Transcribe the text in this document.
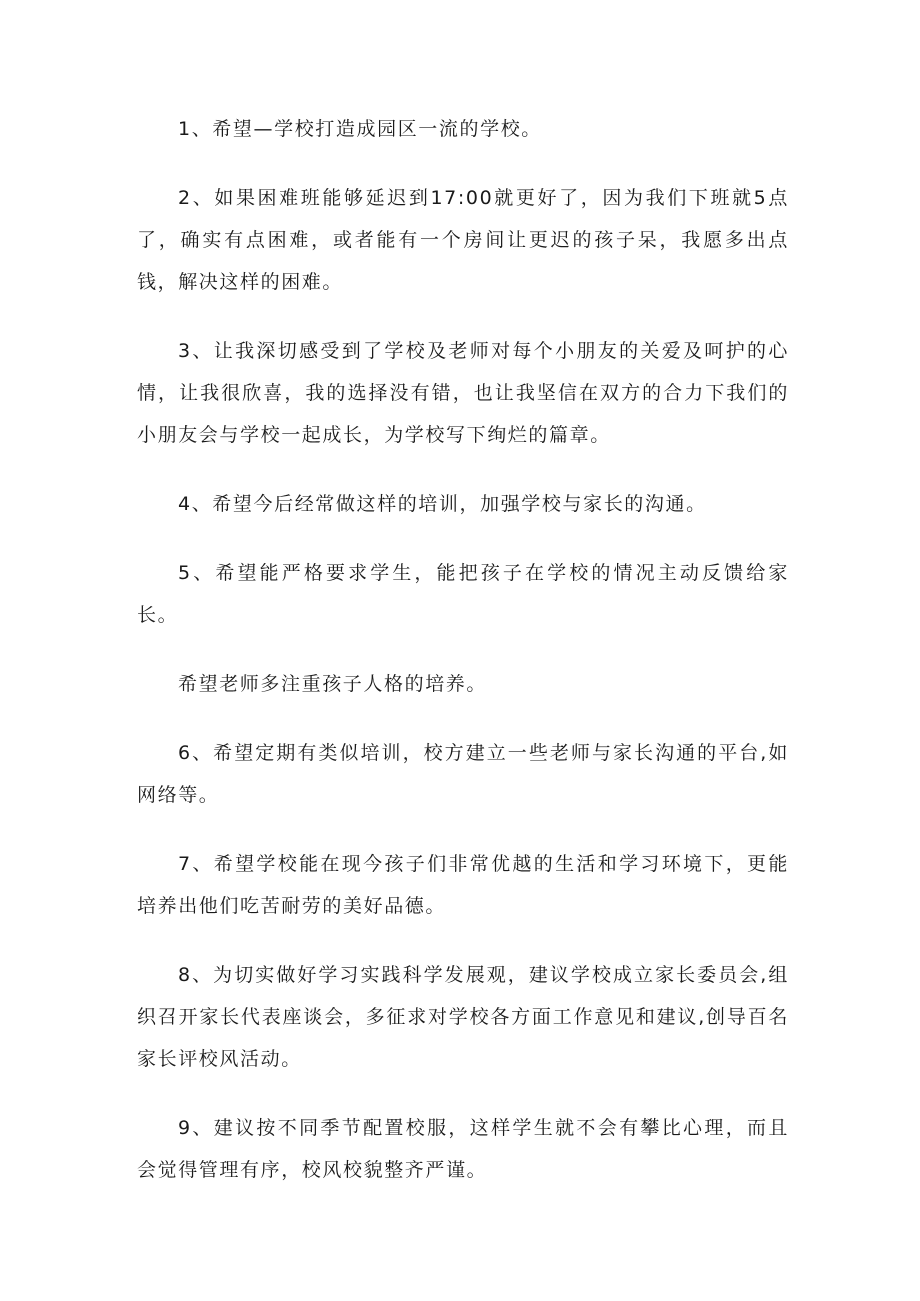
1、希望—学校打造成园区一流的学校。

2、如果困难班能够延迟到17:00就更好了，因为我们下班就5点了，确实有点困难，或者能有一个房间让更迟的孩子呆，我愿多出点钱，解决这样的困难。

3、让我深切感受到了学校及老师对每个小朋友的关爱及呵护的心情，让我很欣喜，我的选择没有错，也让我坚信在双方的合力下我们的小朋友会与学校一起成长，为学校写下绚烂的篇章。

4、希望今后经常做这样的培训，加强学校与家长的沟通。

5、希望能严格要求学生，能把孩子在学校的情况主动反馈给家长。

希望老师多注重孩子人格的培养。

6、希望定期有类似培训，校方建立一些老师与家长沟通的平台,如网络等。

7、希望学校能在现今孩子们非常优越的生活和学习环境下，更能培养出他们吃苦耐劳的美好品德。

8、为切实做好学习实践科学发展观，建议学校成立家长委员会,组织召开家长代表座谈会，多征求对学校各方面工作意见和建议,创导百名家长评校风活动。

9、建议按不同季节配置校服，这样学生就不会有攀比心理，而且会觉得管理有序，校风校貌整齐严谨。
